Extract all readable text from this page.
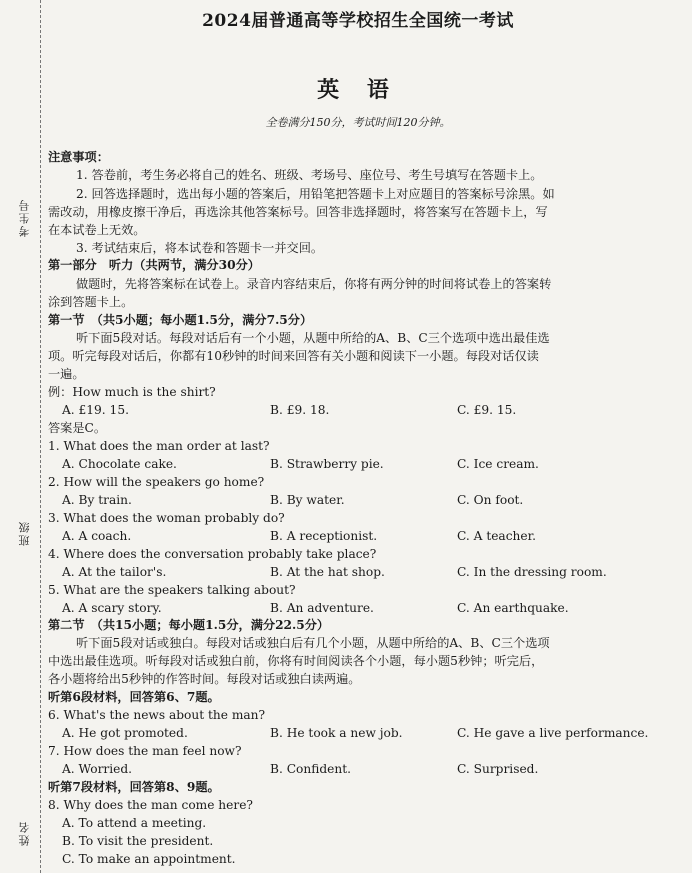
考生号
班级
姓名
2024届普通高等学校招生全国统一考试
英 语
全卷满分150分，考试时间120分钟。
注意事项：
1. 答卷前，考生务必将自己的姓名、班级、考场号、座位号、考生号填写在答题卡上。
2. 回答选择题时，选出每小题的答案后，用铅笔把答题卡上对应题目的答案标号涂黑。如
需改动，用橡皮擦干净后，再选涂其他答案标号。回答非选择题时，将答案写在答题卡上，写
在本试卷上无效。
3. 考试结束后，将本试卷和答题卡一并交回。
第一部分　听力（共两节，满分30分）
做题时，先将答案标在试卷上。录音内容结束后，你将有两分钟的时间将试卷上的答案转
涂到答题卡上。
第一节　（共5小题；每小题1.5分，满分7.5分）
听下面5段对话。每段对话后有一个小题，从题中所给的A、B、C三个选项中选出最佳选
项。听完每段对话后，你都有10秒钟的时间来回答有关小题和阅读下一小题。每段对话仅读
一遍。
例：How much is the shirt?
A. £19. 15.	B. £9. 18.	C. £9. 15.
答案是C。
1. What does the man order at last?
A. Chocolate cake.	B. Strawberry pie.	C. Ice cream.
2. How will the speakers go home?
A. By train.	B. By water.	C. On foot.
3. What does the woman probably do?
A. A coach.	B. A receptionist.	C. A teacher.
4. Where does the conversation probably take place?
A. At the tailor's.	B. At the hat shop.	C. In the dressing room.
5. What are the speakers talking about?
A. A scary story.	B. An adventure.	C. An earthquake.
第二节　（共15小题；每小题1.5分，满分22.5分）
听下面5段对话或独白。每段对话或独白后有几个小题，从题中所给的A、B、C三个选项
中选出最佳选项。听每段对话或独白前，你将有时间阅读各个小题，每小题5秒钟；听完后，
各小题将给出5秒钟的作答时间。每段对话或独白读两遍。
听第6段材料，回答第6、7题。
6. What's the news about the man?
A. He got promoted.	B. He took a new job.	C. He gave a live performance.
7. How does the man feel now?
A. Worried.	B. Confident.	C. Surprised.
听第7段材料，回答第8、9题。
8. Why does the man come here?
A. To attend a meeting.
B. To visit the president.
C. To make an appointment.
